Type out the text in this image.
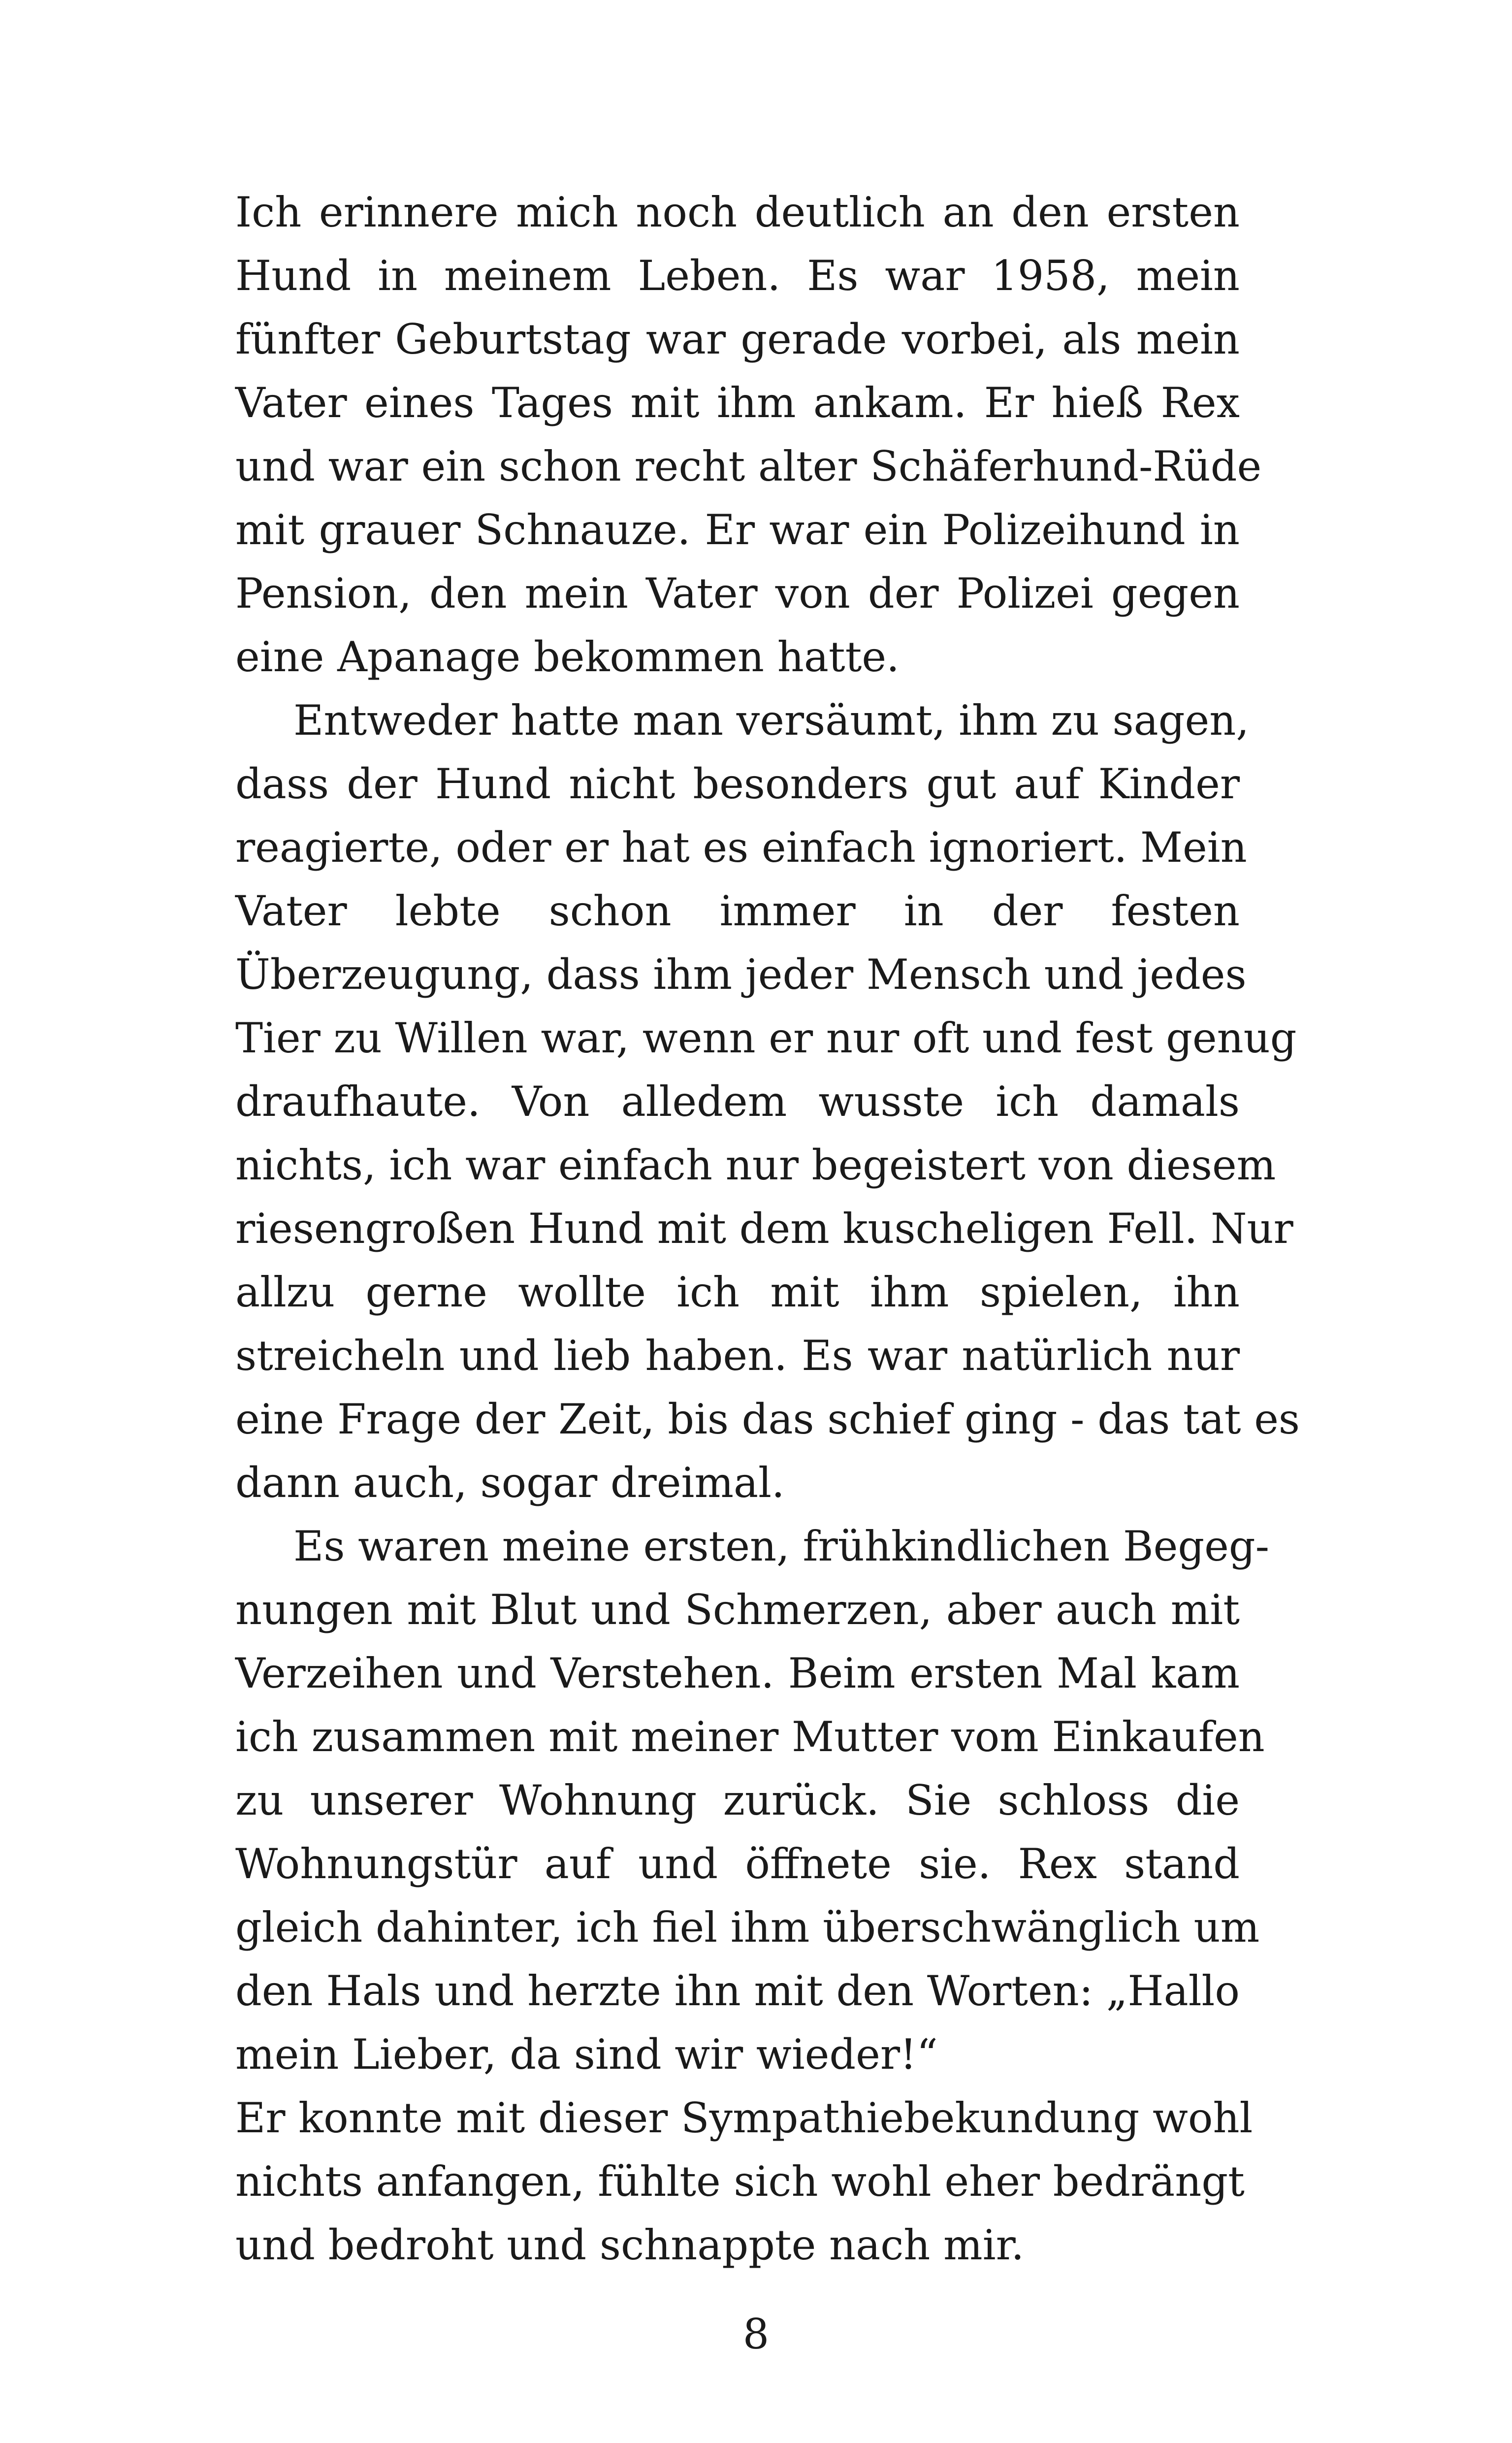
Ich erinnere mich noch deutlich an den ersten
Hund in meinem Leben. Es war 1958, mein
fünfter Geburtstag war gerade vorbei, als mein
Vater eines Tages mit ihm ankam. Er hieß Rex
und war ein schon recht alter Schäferhund-Rüde
mit grauer Schnauze. Er war ein Polizeihund in
Pension, den mein Vater von der Polizei gegen
eine Apanage bekommen hatte.
Entweder hatte man versäumt, ihm zu sagen,
dass der Hund nicht besonders gut auf Kinder
reagierte, oder er hat es einfach ignoriert. Mein
Vater lebte schon immer in der festen
Überzeugung, dass ihm jeder Mensch und jedes
Tier zu Willen war, wenn er nur oft und fest genug
draufhaute. Von alledem wusste ich damals
nichts, ich war einfach nur begeistert von diesem
riesengroßen Hund mit dem kuscheligen Fell. Nur
allzu gerne wollte ich mit ihm spielen, ihn
streicheln und lieb haben. Es war natürlich nur
eine Frage der Zeit, bis das schief ging - das tat es
dann auch, sogar dreimal.
Es waren meine ersten, frühkindlichen Begeg-
nungen mit Blut und Schmerzen, aber auch mit
Verzeihen und Verstehen. Beim ersten Mal kam
ich zusammen mit meiner Mutter vom Einkaufen
zu unserer Wohnung zurück. Sie schloss die
Wohnungstür auf und öffnete sie. Rex stand
gleich dahinter, ich fiel ihm überschwänglich um
den Hals und herzte ihn mit den Worten: „Hallo
mein Lieber, da sind wir wieder!“
Er konnte mit dieser Sympathiebekundung wohl
nichts anfangen, fühlte sich wohl eher bedrängt
und bedroht und schnappte nach mir.
8
